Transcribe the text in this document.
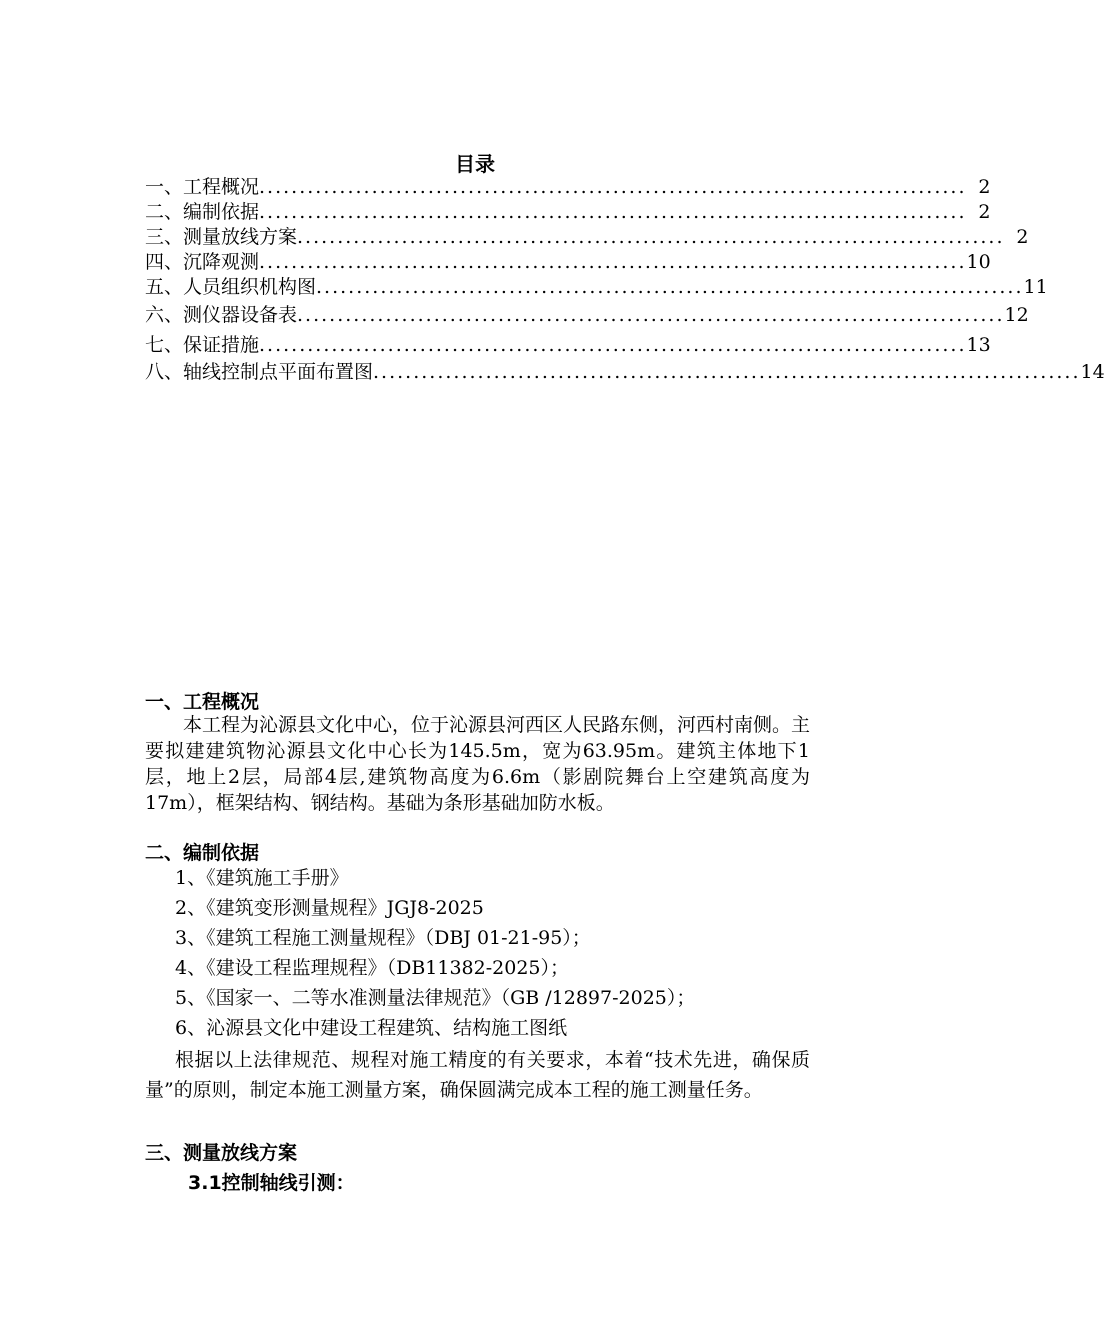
目录
一、工程概况 ........................................................................................ 2
二、编制依据 ........................................................................................ 2
三、测量放线方案 ........................................................................................ 2
四、沉降观测 ........................................................................................ 10
五、人员组织机构图 ........................................................................................ 11
六、测仪器设备表 ........................................................................................ 12
七、保证措施 ........................................................................................ 13
八、轴线控制点平面布置图 ........................................................................................ 14
一、工程概况
本工程为沁源县文化中心，位于沁源县河西区人民路东侧，河西村南侧。主要拟建建筑物沁源县文化中心长为145.5m，宽为63.95m。建筑主体地下1层，地上2层，局部4层,建筑物高度为6.6m（影剧院舞台上空建筑高度为17m），框架结构、钢结构。基础为条形基础加防水板。
二、编制依据
1、《建筑施工手册》
2、《建筑变形测量规程》JGJ8-2025
3、《建筑工程施工测量规程》（DBJ 01-21-95）；
4、《建设工程监理规程》（DB11382-2025）；
5、《国家一、二等水准测量法律规范》（GB /12897-2025）；
6、沁源县文化中建设工程建筑、结构施工图纸
根据以上法律规范、规程对施工精度的有关要求，本着“技术先进，确保质量”的原则，制定本施工测量方案，确保圆满完成本工程的施工测量任务。
三、测量放线方案
3.1控制轴线引测：
